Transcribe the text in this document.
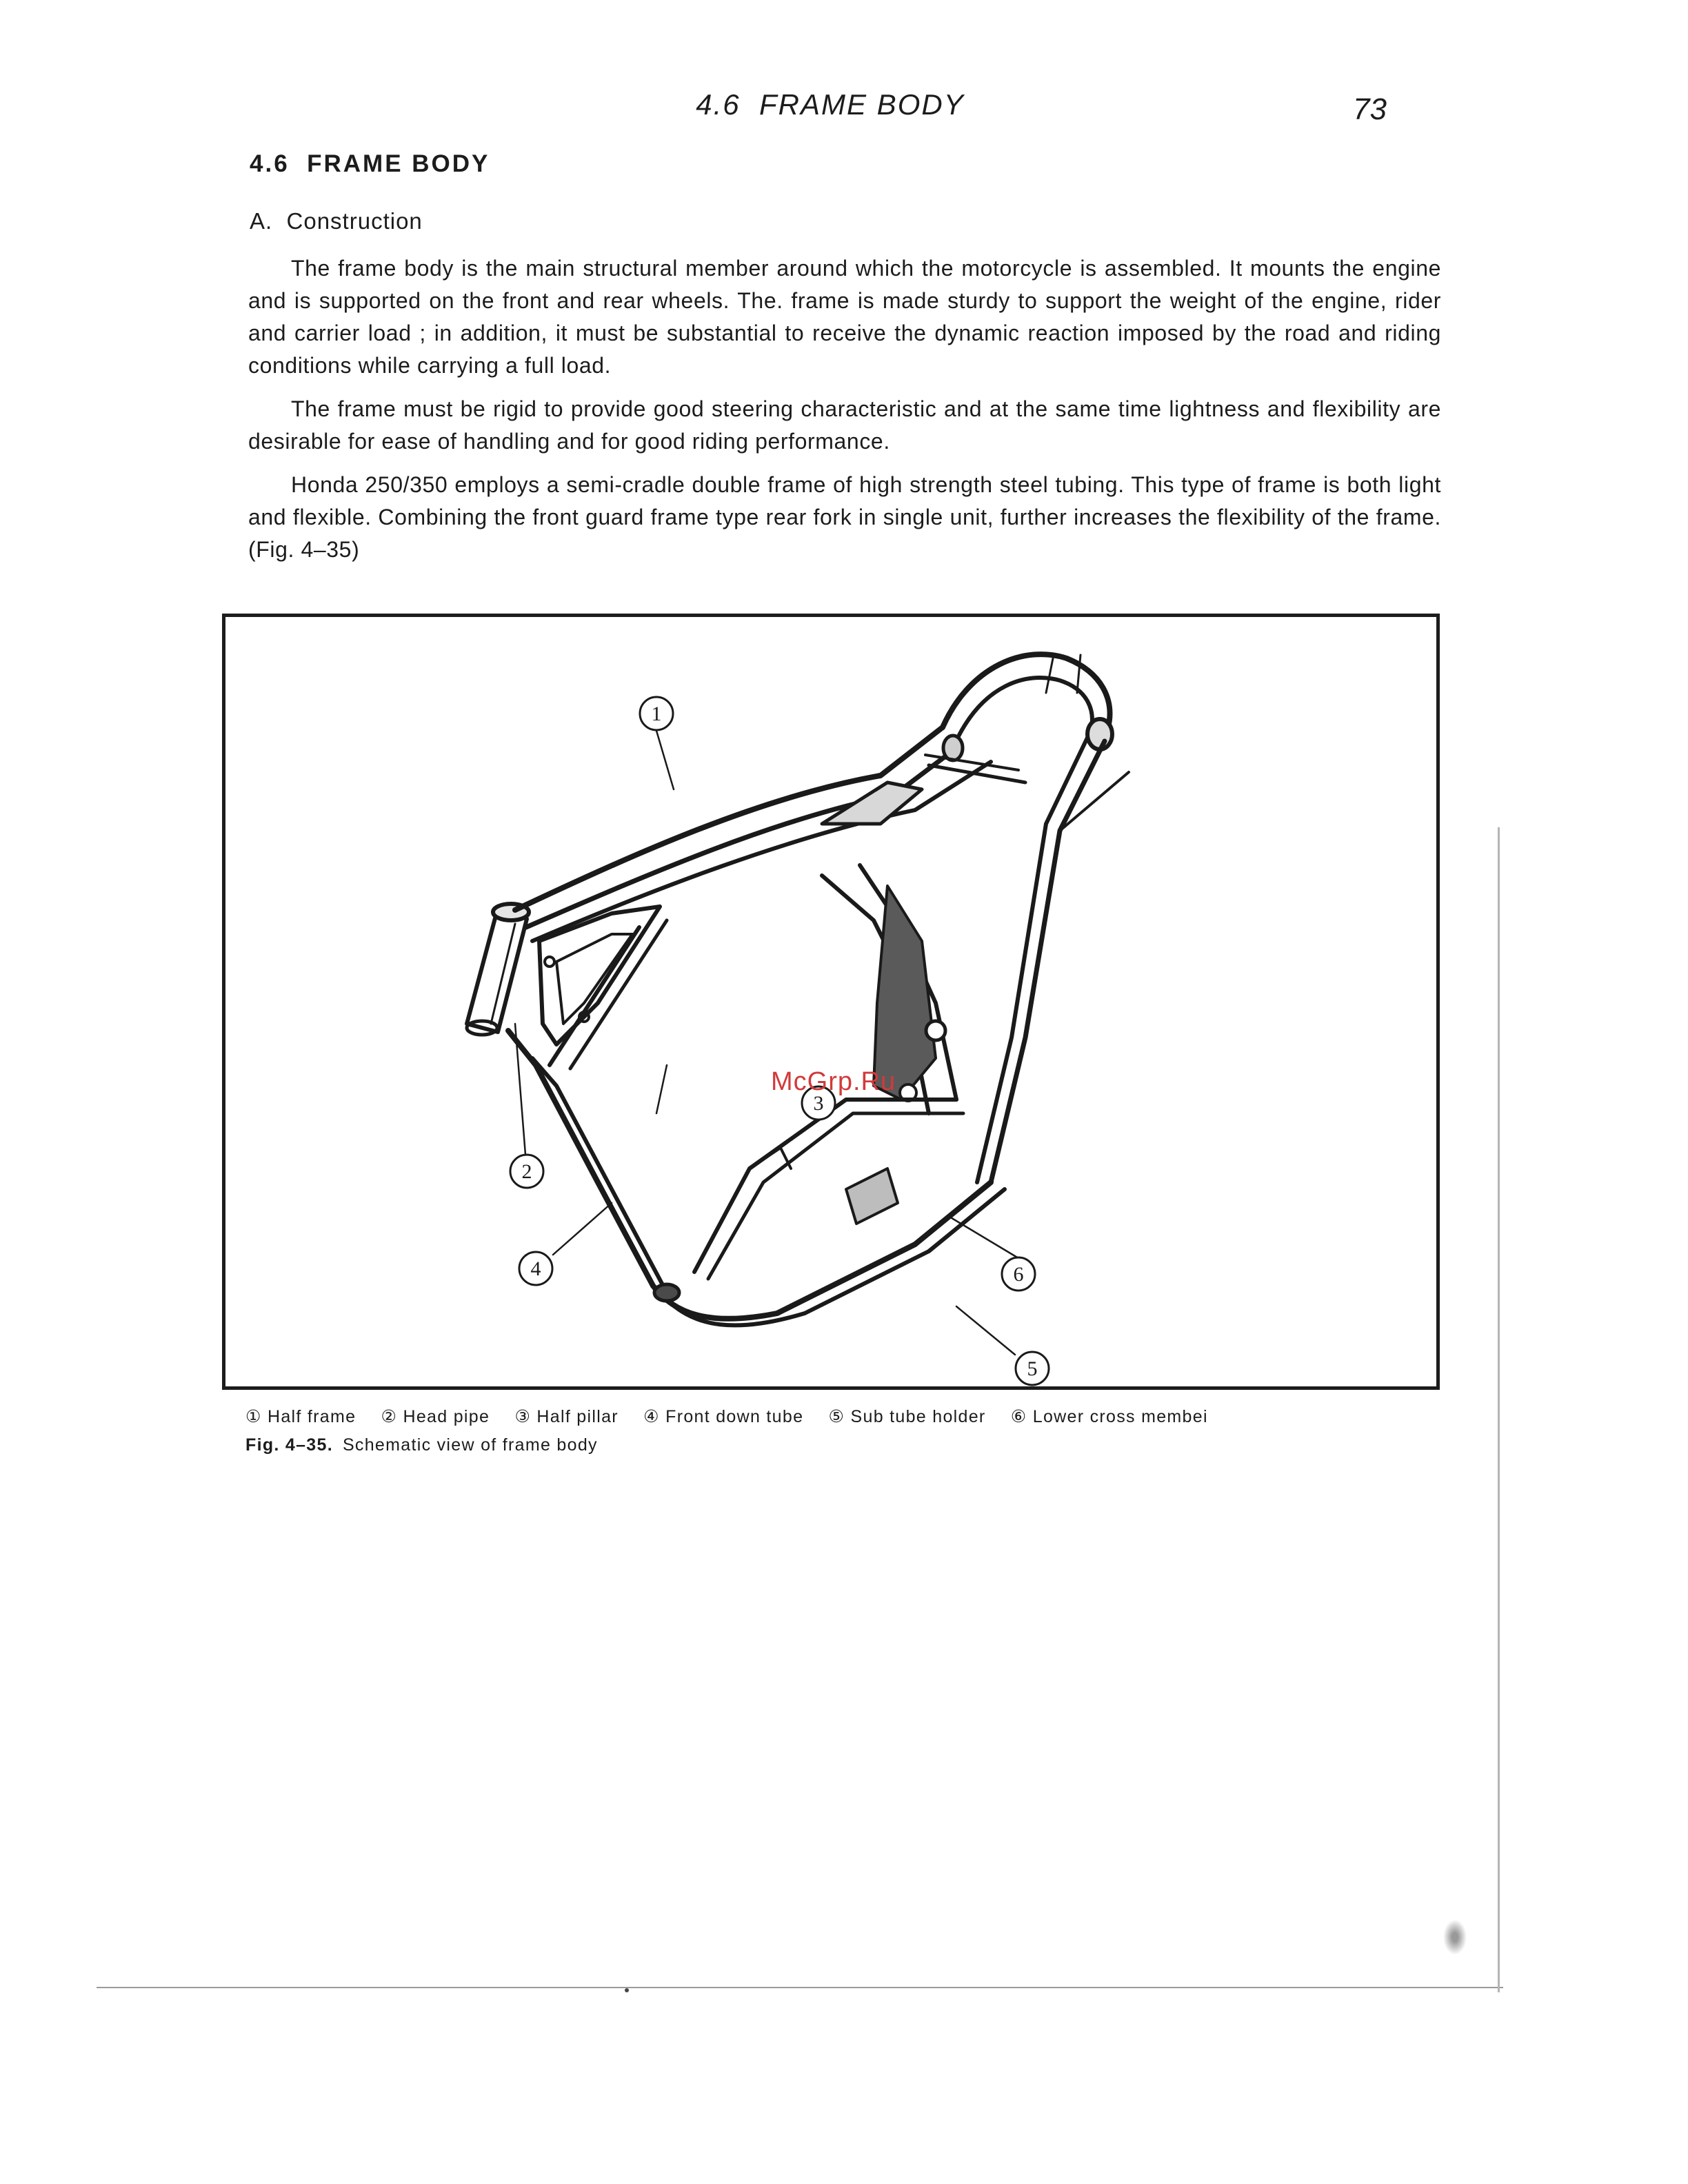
4.6  FRAME BODY	73
4.6  FRAME BODY
A.  Construction

The frame body is the main structural member around which the motorcycle is assembled. It mounts the engine and is supported on the front and rear wheels. The. frame is made sturdy to support the weight of the engine, rider and carrier load ; in addition, it must be substantial to receive the dynamic reaction imposed by the road and riding conditions while carrying a full load.

The frame must be rigid to provide good steering characteristic and at the same time lightness and flexibility are desirable for ease of handling and for good riding performance.

Honda 250/350 employs a semi-cradle double frame of high strength steel tubing. This type of frame is both light and flexible. Combining the front guard frame type rear fork in single unit, further increases the flexibility of the frame. (Fig. 4–35)

1
2
3
4
5
6
McGrp.Ru
① Half frame ② Head pipe ③ Half pillar ④ Front down tube ⑤ Sub tube holder ⑥ Lower cross membei
Fig. 4–35. Schematic view of frame body
